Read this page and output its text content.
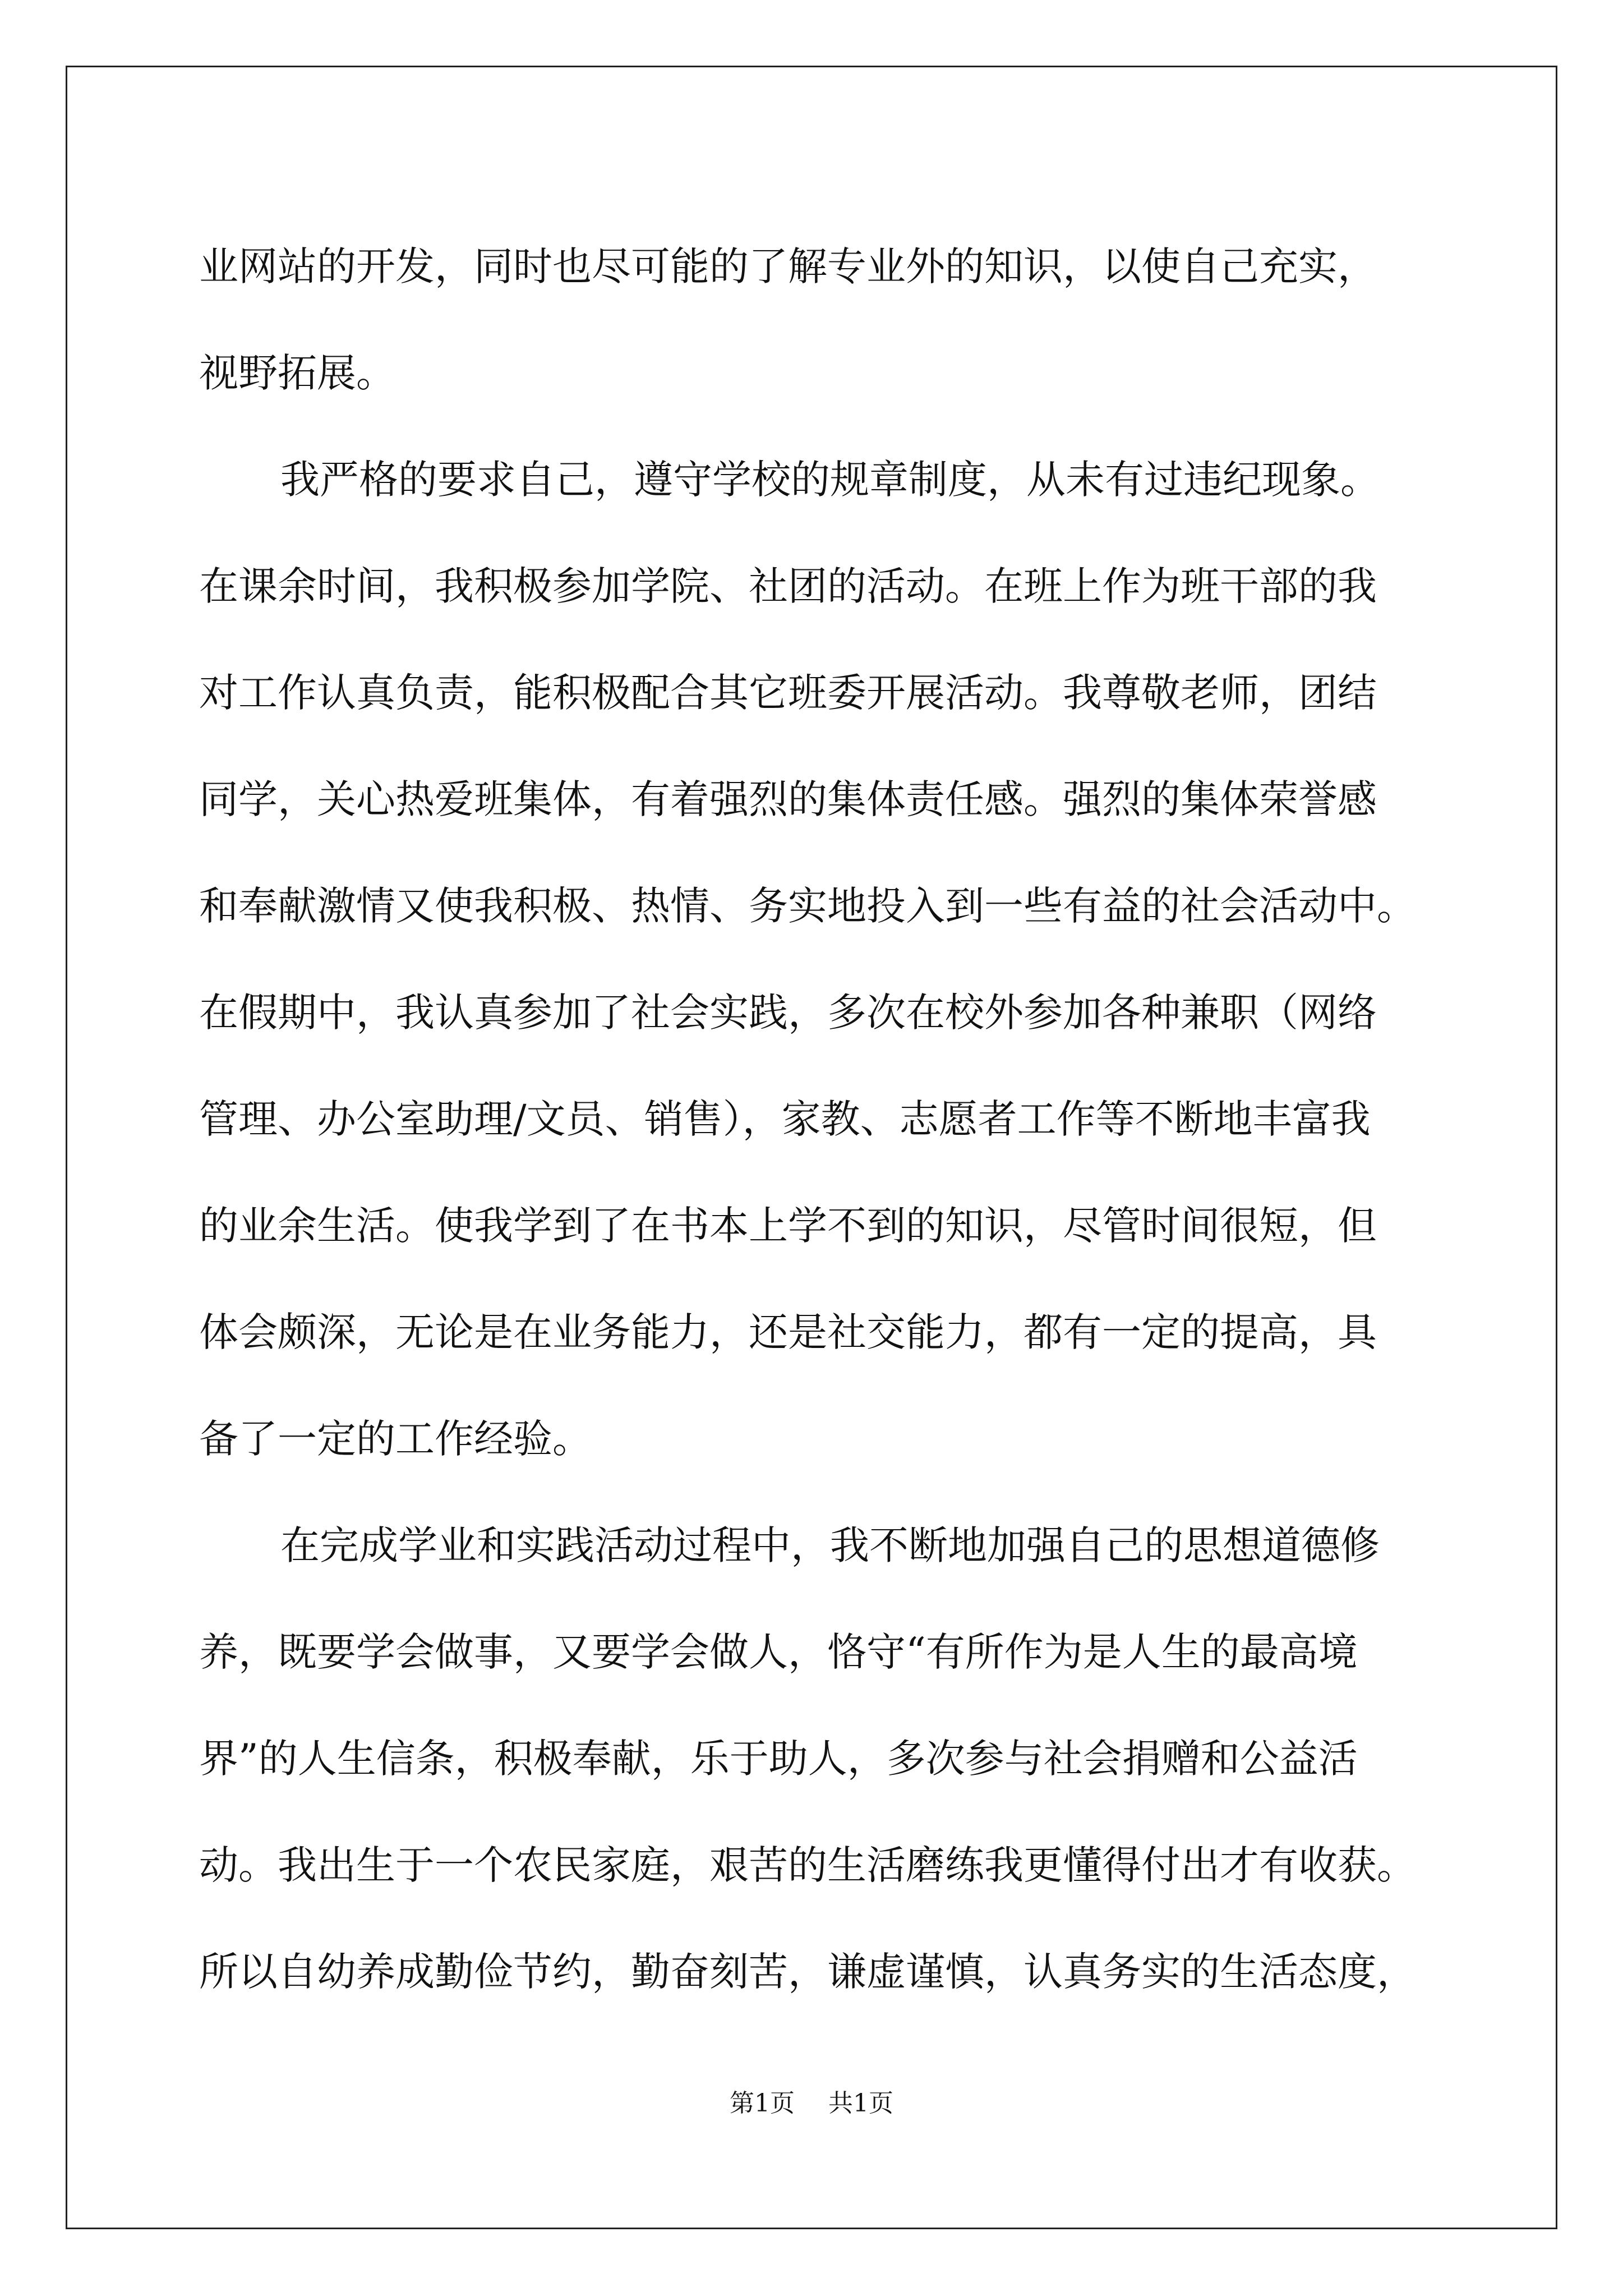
业网站的开发，同时也尽可能的了解专业外的知识，以使自己充实，
视野拓展。
我严格的要求自己，遵守学校的规章制度，从未有过违纪现象。
在课余时间，我积极参加学院、社团的活动。在班上作为班干部的我
对工作认真负责，能积极配合其它班委开展活动。我尊敬老师，团结
同学，关心热爱班集体，有着强烈的集体责任感。强烈的集体荣誉感
和奉献激情又使我积极、热情、务实地投入到一些有益的社会活动中。
在假期中，我认真参加了社会实践，多次在校外参加各种兼职（网络
管理、办公室助理/文员、销售），家教、志愿者工作等不断地丰富我
的业余生活。使我学到了在书本上学不到的知识，尽管时间很短，但
体会颇深，无论是在业务能力，还是社交能力，都有一定的提高，具
备了一定的工作经验。
在完成学业和实践活动过程中，我不断地加强自己的思想道德修
养，既要学会做事，又要学会做人，恪守“有所作为是人生的最高境
界”的人生信条，积极奉献，乐于助人，多次参与社会捐赠和公益活
动。我出生于一个农民家庭，艰苦的生活磨练我更懂得付出才有收获。
所以自幼养成勤俭节约，勤奋刻苦，谦虚谨慎，认真务实的生活态度，
第1页 共1页
